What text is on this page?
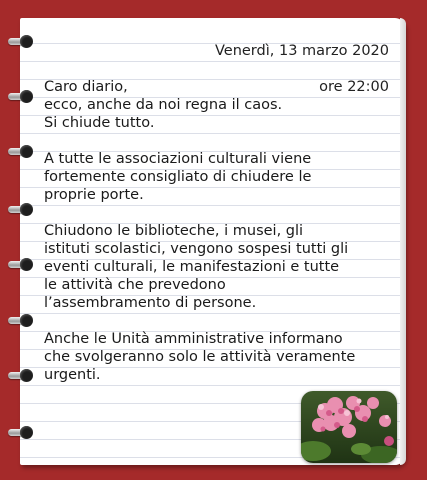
Venerdì, 13 marzo 2020

ore 22:00

Caro diario,
ecco, anche da noi regna il caos.
Si chiude tutto.

A tutte le associazioni culturali viene
fortemente consigliato di chiudere le
proprie porte.

Chiudono le biblioteche, i musei, gli
istituti scolastici, vengono sospesi tutti gli
eventi culturali, le manifestazioni e tutte
le attività che prevedono
l’assembramento di persone.

Anche le Unità amministrative informano
che svolgeranno solo le attività veramente
urgenti.
